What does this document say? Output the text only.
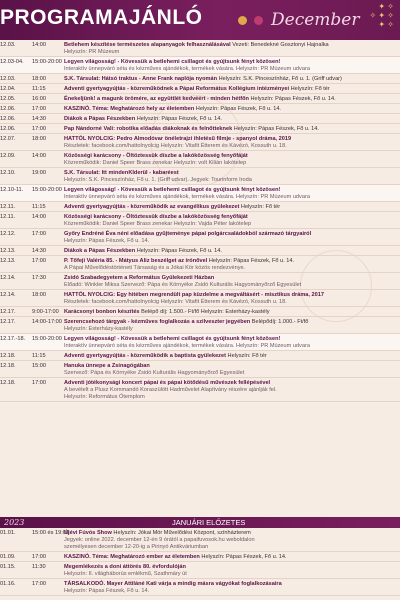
PROGRAMAJÁNLÓ	December
✦ ✧
✧ ✦ ✧
✦ ✧
12.03.	14:00	Betlehem készítése természetes alapanyagok felhasználásával Vezeti: Benedekné Gosztonyi Hajnalka
Helyszín: PR Múzeum
12.03-04.	15:00-20:00 Legyen világosság! - Kövessük a betlehemi csillagot és gyújtsunk fényt közösen!
Interaktív ünnepváró séta és kézműves ajándékok, termékek vására. Helyszín: PR Múzeum udvara
12.03.	18:00	S.K. Társulat: Hátsó traktus - Anne Frank naplója nyomán Helyszín: S.K. Pinceszínház, Fő u. 1. (Griff udvar)
12.04.	11:15	Adventi gyertyagyújtás - közreműködnek a Pápai Református Kollégium intézményei Helyszín: Fő tér
12.05.	16:00	Énekeljünk! a magunk örömére, az együttlét kedvéért - minden hétfőn Helyszín: Pápas Fészek, Fő u. 14.
12.06.	17:00	KASZINÓ. Téma: Meghatározó hely az életemben Helyszín: Pápas Fészek, Fő u. 14.
12.06.	14:30	Diákok a Pápas Fészekben Helyszín: Pápas Fészek, Fő u. 14.
12.06.	17:00	Pap Nándorné Vali: robotika előadás diákoknak és felnőtteknek Helyszín: Pápas Fészek, Fő u. 14.
12.07.	18:00	HATTÓL NYOLCIG: Pedro Almodóvar önéletrajzi ihletésű filmje - spanyol dráma, 2019
Részletek: facebook.com/hattolnyolcig Helyszín: Vitafit Étterem és Kávézó, Kossuth u. 18.
12.09.	14:00	Közösségi karácsony - Öltöztessük díszbe a lakóközösség fenyőfáját
Közreműködik: Daniel Speer Brass zenekar Helyszín: volt Kilián lakótelep
12.10.	19:00	S.K. Társulat: Itt mindenKIderül - kabaréest
Helyszín: S.K. Pinceszínház, Fő u. 1. (Griff udvar). Jegyek: Tourinform Iroda
12.10-11.	15:00-20:00 Legyen világosság! - Kövessük a betlehemi csillagot és gyújtsunk fényt közösen!
Interaktív ünnepváró séta és kézműves ajándékok, termékek vására. Helyszín: PR Múzeum udvara
12.11.	11:15	Adventi gyertyagyújtás - közreműködik az evangélikus gyülekezet Helyszín: Fő tér
12.11.	14:00	Közösségi karácsony - Öltöztessük díszbe a lakóközösség fenyőfáját
Közreműködik: Daniel Speer Brass zenekar Helyszín: Vajda Péter lakótelep
12.12.	17:00	Győry Endréné Éva néni előadása gyűjteménye pápai polgárcsaládokból származó tárgyairól
Helyszín: Pápas Fészek, Fő u. 14.
12.13.	14:30	Diákok a Pápas Fészekben Helyszín: Pápas Fészek, Fő u. 14.
12.13.	17:00	P. Tőfeji Valéria 85. - Mátyus Aliz beszélget az írónővel Helyszín: Pápas Fészek, Fő u. 14.
A Pápai Művelődéstörténeti Társaság és a Jókai Kör közös rendezvénye.
12.14.	17:30	Zsidó Szabadegyetem a Református Gyülekezeti Házban
Előadó: Winkler Miksa Szervező: Pápa és Környéke Zsidó Kulturális Hagyományőrző Egyesület
12.14.	18:00	HATTÓL NYOLCIG: Egy hitében megrendült pap küzdelme a megváltásért - misztikus dráma, 2017
Részletek: facebook.com/hattolnyolcig Helyszín: Vitafit Étterem és Kávézó, Kossuth u. 18.
12.17.	9:00-17:00 Karácsonyi bonbon készítés Belépő díj: 1.500.- Ft/fő Helyszín: Esterházy-kastély
12.17.	14:00-17:00 Szerencsehozó tárgyak - kézműves foglalkozás a szilveszter jegyében Belépődíj: 1.000.- Ft/fő
Helyszín: Esterházy-kastély
12.17.-18.	15:00-20:00 Legyen világosság! - Kövessük a betlehemi csillagot és gyújtsunk fényt közösen!
Interaktív ünnepváró séta és kézműves ajándékok, termékek vására. Helyszín: PR Múzeum udvara
12.18.	11:15	Adventi gyertyagyújtás - közreműködik a baptista gyülekezet Helyszín: Fő tér
12.18.	15:00	Hanuka ünnepe a Zsinagógában
Szervező: Pápa és Környéke Zsidó Kulturális Hagyományőrző Egyesület
12.18.	17:00	Adventi jótékonysági koncert pápai és pápai kötődésű művészek fellépésével
A bevételt a Plusz Kommandó Koraszülött Hadművelet Alapítvány részére ajánlják fel.
Helyszín: Református Ótemplom
2023	JANUÁRI ELŐZETES
01.01.	15:00 és 19:00
Újévi Fúvós Show Helyszín: Jókai Mór Művelődési Központ, színházterem
Jegyek: online 2022. december 12-én 9 órától a papaifuvosok.hu weboldalon
személyesen december 12-20-ig a Pirinyó Antikváriumban
01.09.	17:00	KASZINÓ. Téma: Meghatározó ember az életemben Helyszín: Pápas Fészek, Fő u. 14.
01.15.	11:30	Megemlékezés a doni áttörés 80. évfordulóján
Helyszín: II. világháborús emlékmű, Szathmáry út
01.16.	17:00	TÁRSALKODÓ. Mayer Attiláné Kati várja a mindig másra vágyókat foglalkozásaira
Helyszín: Pápas Fészek, Fő u. 14.
